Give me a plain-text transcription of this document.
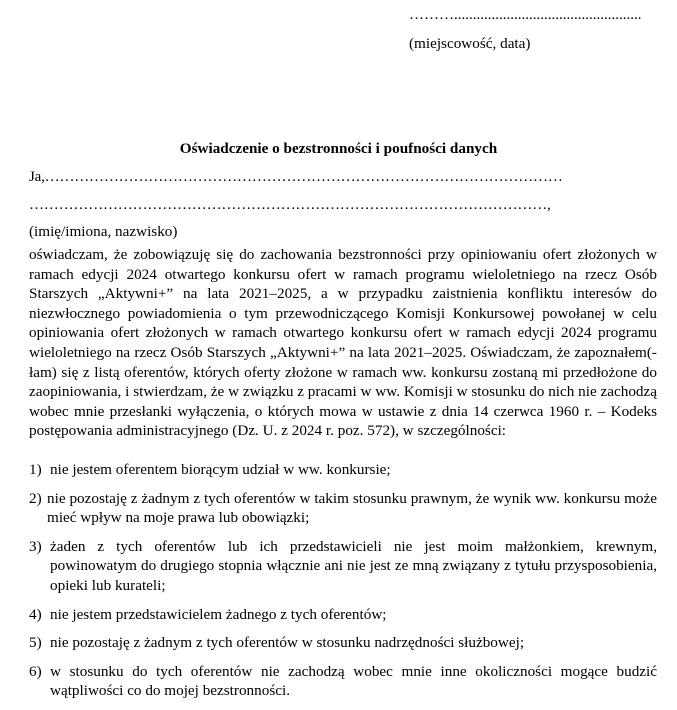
………..................................................
(miejscowość, data)
Oświadczenie o bezstronności i poufności danych
Ja,……………………………………………………………………………………………
……………………………………………………………………………………………,
(imię/imiona, nazwisko)
oświadczam, że zobowiązuję się do zachowania bezstronności przy opiniowaniu ofert złożonych w ramach edycji 2024 otwartego konkursu ofert w ramach programu wieloletniego na rzecz Osób Starszych „Aktywni+” na lata 2021–2025, a w przypadku zaistnienia konfliktu interesów do niezwłocznego powiadomienia o tym przewodniczącego Komisji Konkursowej powołanej w celu opiniowania ofert złożonych w ramach otwartego konkursu ofert w ramach edycji 2024 programu wieloletniego na rzecz Osób Starszych „Aktywni+” na lata 2021–2025. Oświadczam, że zapoznałem(-łam) się z listą oferentów, których oferty złożone w ramach ww. konkursu zostaną mi przedłożone do zaopiniowania, i stwierdzam, że w związku z pracami w ww. Komisji w stosunku do nich nie zachodzą wobec mnie przesłanki wyłączenia, o których mowa w ustawie z dnia 14 czerwca 1960 r. – Kodeks postępowania administracyjnego (Dz. U. z 2024 r. poz. 572), w szczególności:
1) nie jestem oferentem biorącym udział w ww. konkursie;
2) nie pozostaję z żadnym z tych oferentów w takim stosunku prawnym, że wynik ww. konkursu może mieć wpływ na moje prawa lub obowiązki;
3) żaden z tych oferentów lub ich przedstawicieli nie jest moim małżonkiem, krewnym, powinowatym do drugiego stopnia włącznie ani nie jest ze mną związany z tytułu przysposobienia, opieki lub kurateli;
4) nie jestem przedstawicielem żadnego z tych oferentów;
5) nie pozostaję z żadnym z tych oferentów w stosunku nadrzędności służbowej;
6) w stosunku do tych oferentów nie zachodzą wobec mnie inne okoliczności mogące budzić wątpliwości co do mojej bezstronności.
